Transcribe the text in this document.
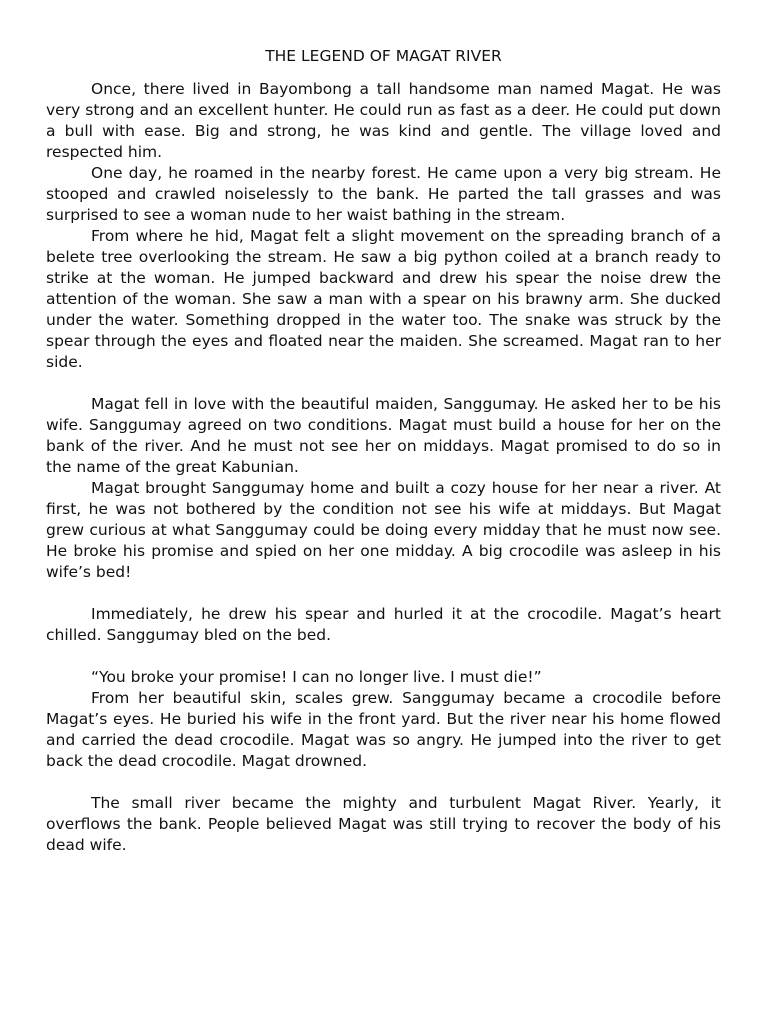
THE LEGEND OF MAGAT RIVER

Once, there lived in Bayombong a tall handsome man named Magat. He was very strong and an excellent hunter. He could run as fast as a deer. He could put down a bull with ease. Big and strong, he was kind and gentle. The village loved and respected him.

One day, he roamed in the nearby forest. He came upon a very big stream. He stooped and crawled noiselessly to the bank. He parted the tall grasses and was surprised to see a woman nude to her waist bathing in the stream.

From where he hid, Magat felt a slight movement on the spreading branch of a belete tree overlooking the stream. He saw a big python coiled at a branch ready to strike at the woman. He jumped backward and drew his spear the noise drew the attention of the woman. She saw a man with a spear on his brawny arm. She ducked under the water. Something dropped in the water too. The snake was struck by the spear through the eyes and floated near the maiden. She screamed. Magat ran to her side.

Magat fell in love with the beautiful maiden, Sanggumay. He asked her to be his wife. Sanggumay agreed on two conditions. Magat must build a house for her on the bank of the river. And he must not see her on middays. Magat promised to do so in the name of the great Kabunian.

Magat brought Sanggumay home and built a cozy house for her near a river. At first, he was not bothered by the condition not see his wife at middays. But Magat grew curious at what Sanggumay could be doing every midday that he must now see. He broke his promise and spied on her one midday. A big crocodile was asleep in his wife’s bed!

Immediately, he drew his spear and hurled it at the crocodile. Magat’s heart chilled. Sanggumay bled on the bed.

“You broke your promise! I can no longer live. I must die!”

From her beautiful skin, scales grew. Sanggumay became a crocodile before Magat’s eyes. He buried his wife in the front yard. But the river near his home flowed and carried the dead crocodile. Magat was so angry. He jumped into the river to get back the dead crocodile. Magat drowned.

The small river became the mighty and turbulent Magat River. Yearly, it overflows the bank. People believed Magat was still trying to recover the body of his dead wife.
